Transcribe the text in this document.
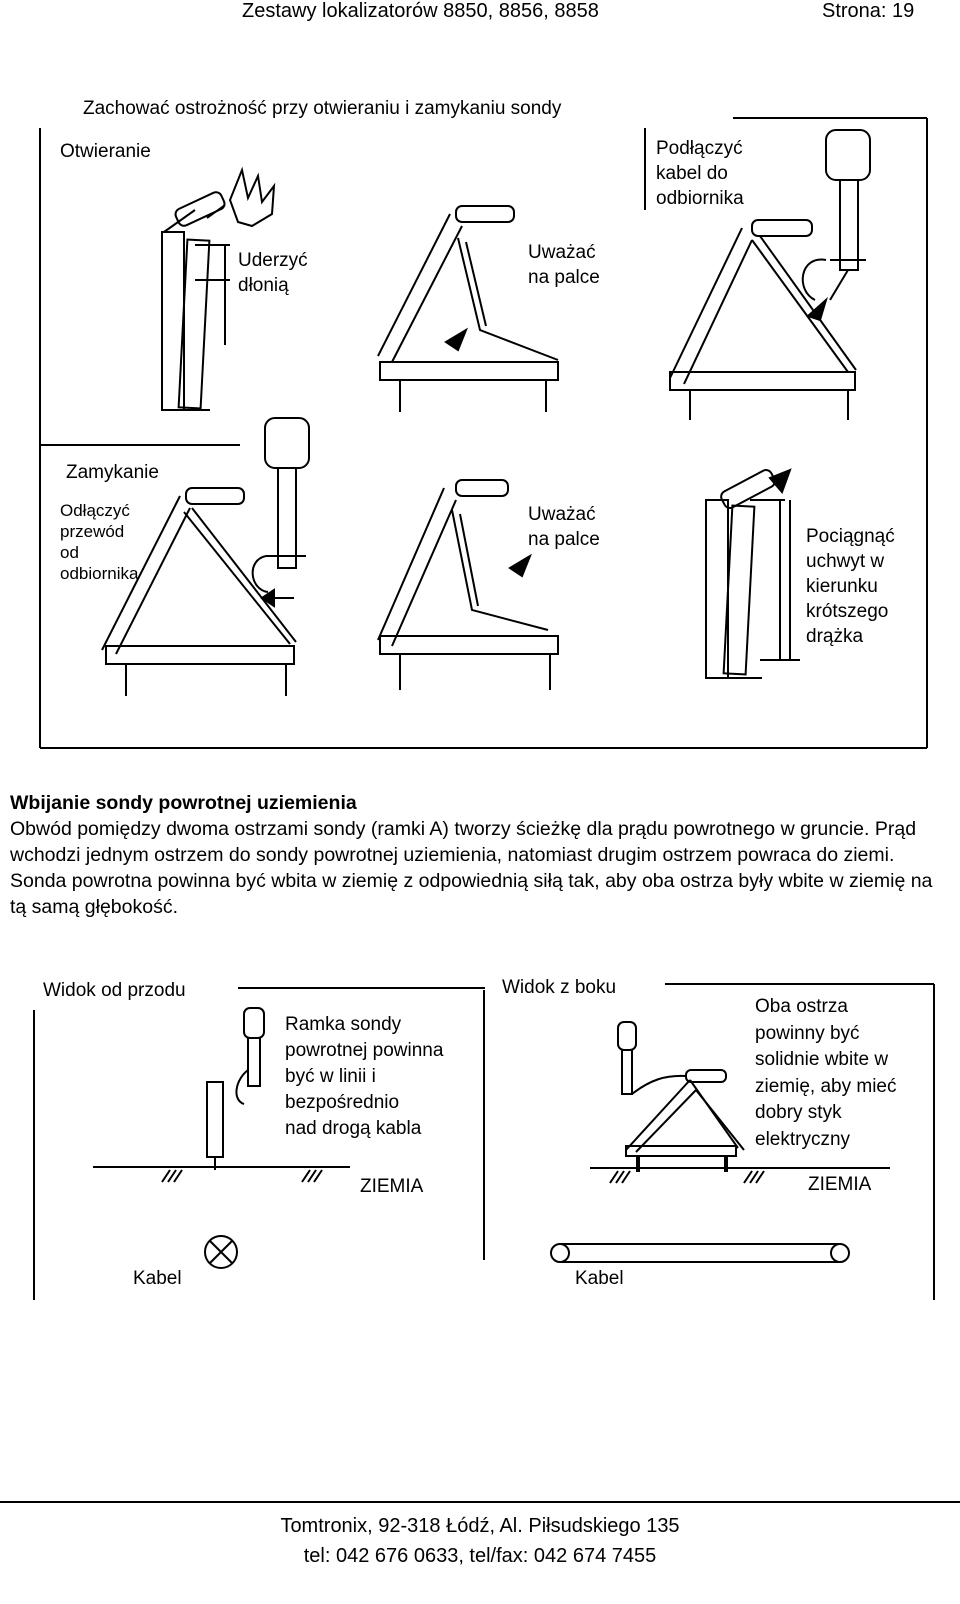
Zestawy lokalizatorów 8850, 8856, 8858	Strona: 19
Zachować ostrożność przy otwieraniu i zamykaniu sondy
Otwieranie
Uderzyć
dłonią
Uważać
na palce
Podłączyć
kabel do
odbiornika
Zamykanie
Odłączyć
przewód
od
odbiornika
Uważać
na palce	Pociągnąć
uchwyt w
kierunku
krótszego
drążka
Wbijanie sondy powrotnej uziemienia

Obwód pomiędzy dwoma ostrzami sondy (ramki A) tworzy ścieżkę dla prądu powrotnego w gruncie. Prąd wchodzi jednym ostrzem do sondy powrotnej uziemienia, natomiast drugim ostrzem powraca do ziemi. Sonda powrotna powinna być wbita w ziemię z odpowiednią siłą tak, aby oba ostrza były wbite w ziemię na tą samą głębokość.

Widok od przodu
Ramka sondy
powrotnej powinna
być w linii i
bezpośrednio
nad drogą kabla
ZIEMIA
Kabel
Widok z boku
Oba ostrza
powinny być
solidnie wbite w
ziemię, aby mieć
dobry styk
elektryczny
ZIEMIA
Kabel
Tomtronix, 92-318 Łódź, Al. Piłsudskiego 135
tel: 042 676 0633, tel/fax: 042 674 7455
